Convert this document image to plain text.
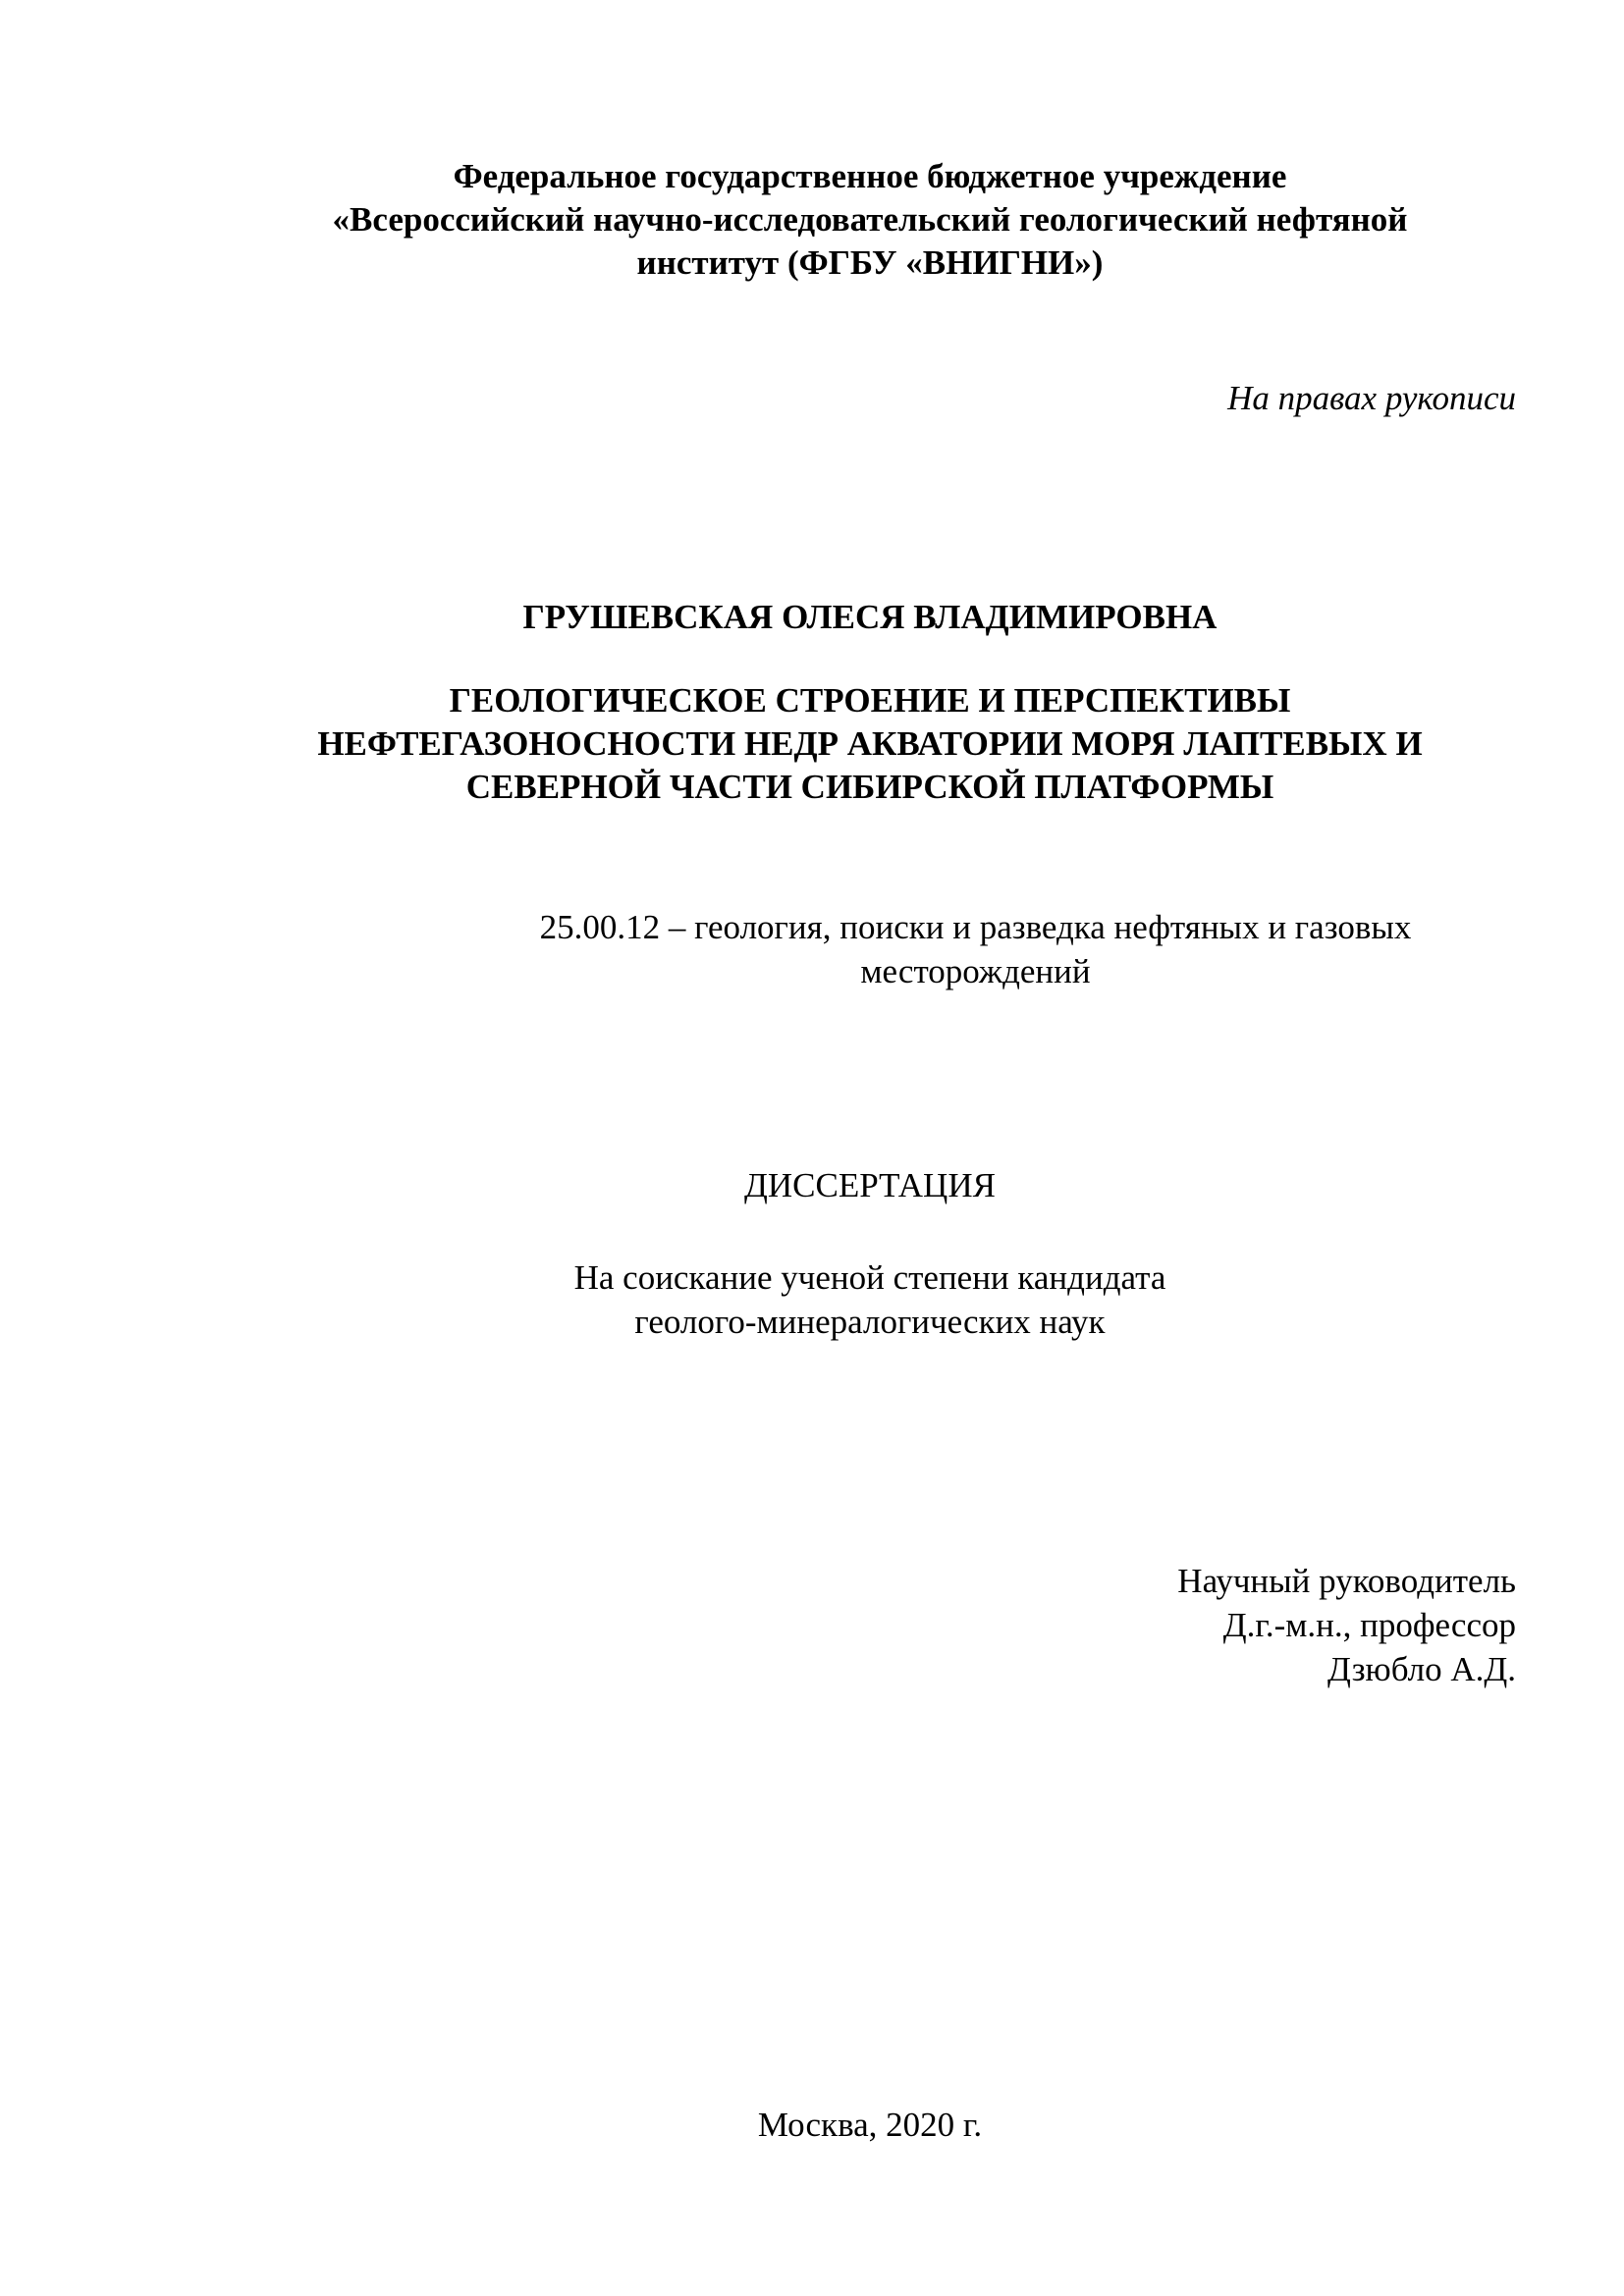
Федеральное государственное бюджетное учреждение
«Всероссийский научно-исследовательский геологический нефтяной
институт (ФГБУ «ВНИГНИ»)
На правах рукописи
ГРУШЕВСКАЯ ОЛЕСЯ ВЛАДИМИРОВНА
ГЕОЛОГИЧЕСКОЕ СТРОЕНИЕ И ПЕРСПЕКТИВЫ
НЕФТЕГАЗОНОСНОСТИ НЕДР АКВАТОРИИ МОРЯ ЛАПТЕВЫХ И
СЕВЕРНОЙ ЧАСТИ СИБИРСКОЙ ПЛАТФОРМЫ
25.00.12 – геология, поиски и разведка нефтяных и газовых
месторождений
ДИССЕРТАЦИЯ
На соискание ученой степени кандидата
геолого-минералогических наук
Научный руководитель
Д.г.-м.н., профессор
Дзюбло А.Д.
Москва, 2020 г.
